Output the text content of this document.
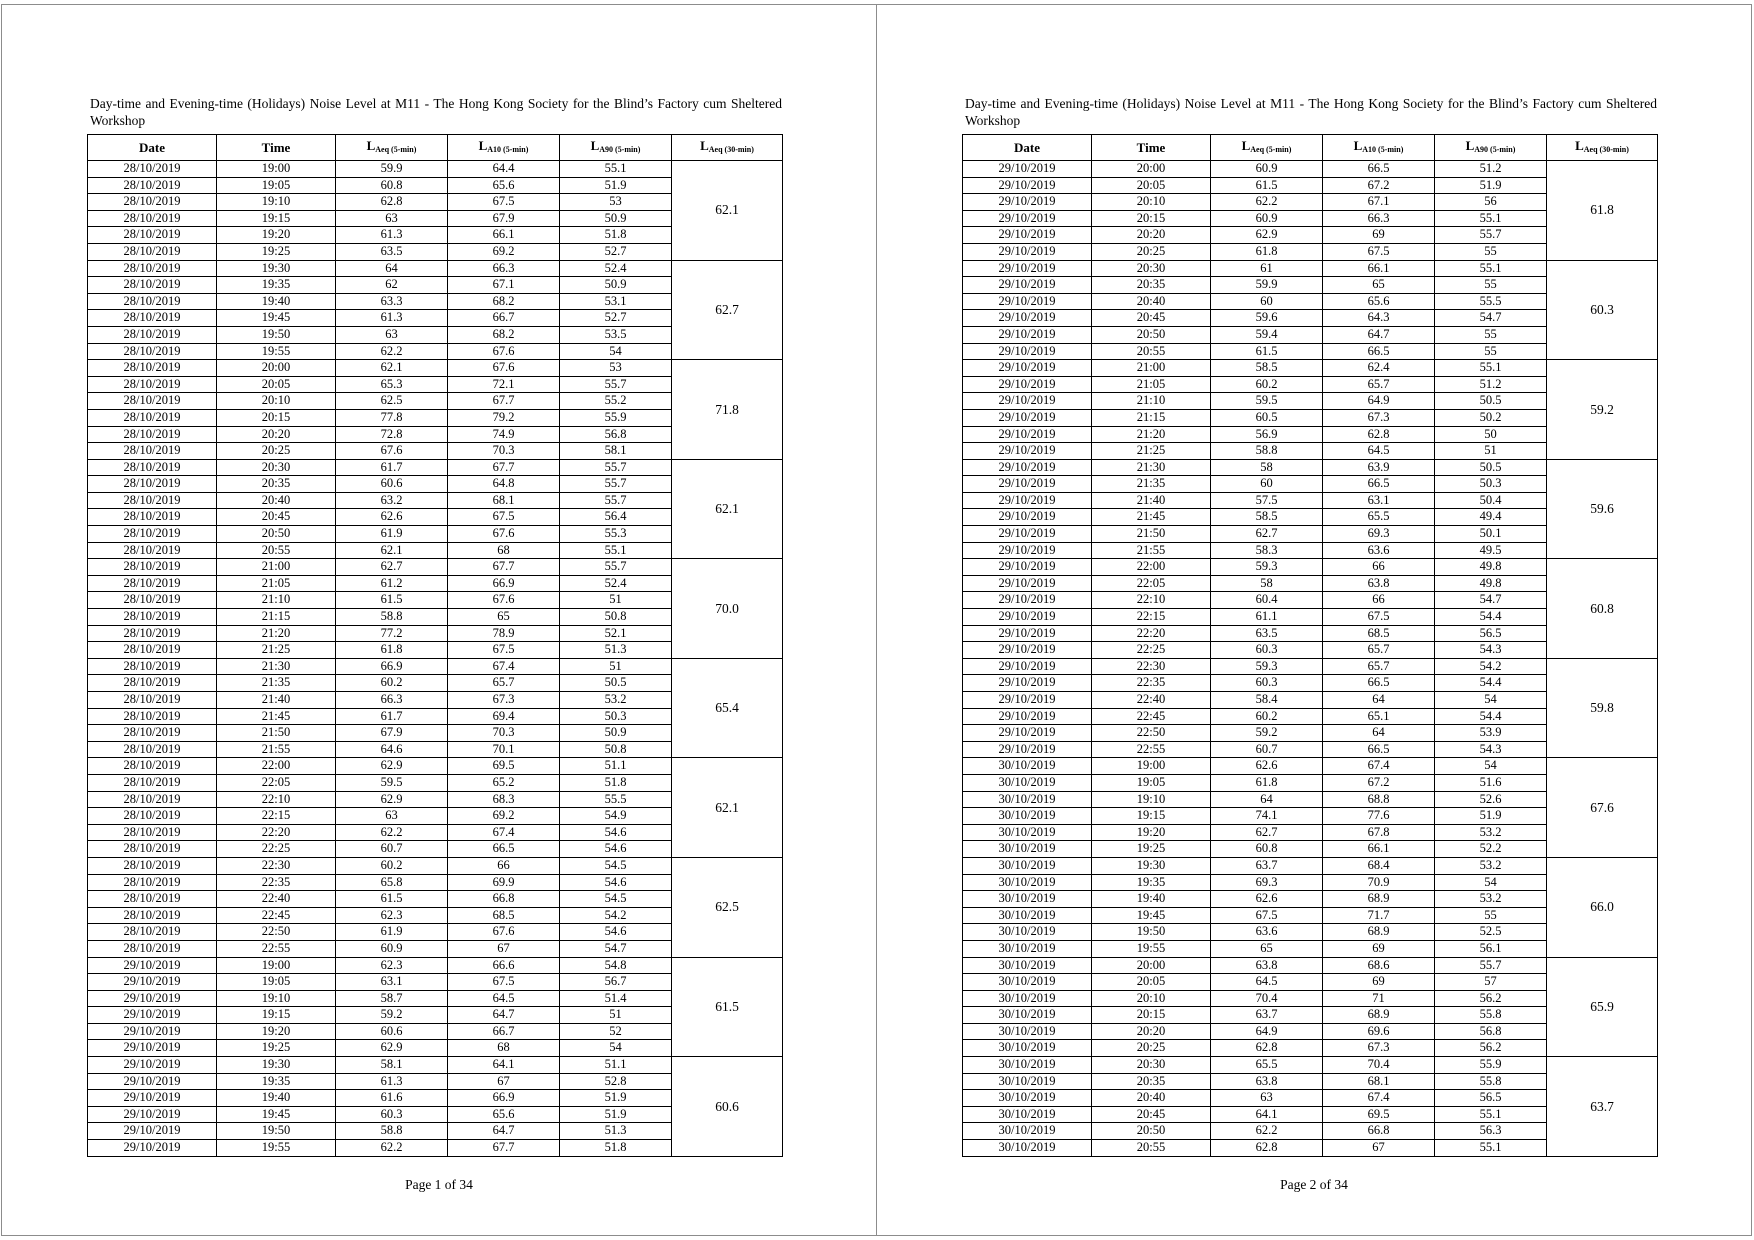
Day-time and Evening-time (Holidays) Noise Level at M11 - The Hong Kong Society for the Blind’s Factory cum Sheltered Workshop
Date	Time	$L_{Aeq (5-min)}$	$L_{A10 (5-min)}$	$L_{A90 (5-min)}$	$L_{Aeq (30-min)}$
28/10/2019	19:00	59.9	64.4	55.1	62.1
28/10/2019	19:05	60.8	65.6	51.9	
28/10/2019	19:10	62.8	67.5	53	
28/10/2019	19:15	63	67.9	50.9	
28/10/2019	19:20	61.3	66.1	51.8	
28/10/2019	19:25	63.5	69.2	52.7	
28/10/2019	19:30	64	66.3	52.4	62.7
28/10/2019	19:35	62	67.1	50.9	
28/10/2019	19:40	63.3	68.2	53.1	
28/10/2019	19:45	61.3	66.7	52.7	
28/10/2019	19:50	63	68.2	53.5	
28/10/2019	19:55	62.2	67.6	54	
28/10/2019	20:00	62.1	67.6	53	71.8
28/10/2019	20:05	65.3	72.1	55.7	
28/10/2019	20:10	62.5	67.7	55.2	
28/10/2019	20:15	77.8	79.2	55.9	
28/10/2019	20:20	72.8	74.9	56.8	
28/10/2019	20:25	67.6	70.3	58.1	
28/10/2019	20:30	61.7	67.7	55.7	62.1
28/10/2019	20:35	60.6	64.8	55.7	
28/10/2019	20:40	63.2	68.1	55.7	
28/10/2019	20:45	62.6	67.5	56.4	
28/10/2019	20:50	61.9	67.6	55.3	
28/10/2019	20:55	62.1	68	55.1	
28/10/2019	21:00	62.7	67.7	55.7	70.0
28/10/2019	21:05	61.2	66.9	52.4	
28/10/2019	21:10	61.5	67.6	51	
28/10/2019	21:15	58.8	65	50.8	
28/10/2019	21:20	77.2	78.9	52.1	
28/10/2019	21:25	61.8	67.5	51.3	
28/10/2019	21:30	66.9	67.4	51	65.4
28/10/2019	21:35	60.2	65.7	50.5	
28/10/2019	21:40	66.3	67.3	53.2	
28/10/2019	21:45	61.7	69.4	50.3	
28/10/2019	21:50	67.9	70.3	50.9	
28/10/2019	21:55	64.6	70.1	50.8	
28/10/2019	22:00	62.9	69.5	51.1	62.1
28/10/2019	22:05	59.5	65.2	51.8	
28/10/2019	22:10	62.9	68.3	55.5	
28/10/2019	22:15	63	69.2	54.9	
28/10/2019	22:20	62.2	67.4	54.6	
28/10/2019	22:25	60.7	66.5	54.6	
28/10/2019	22:30	60.2	66	54.5	62.5
28/10/2019	22:35	65.8	69.9	54.6	
28/10/2019	22:40	61.5	66.8	54.5	
28/10/2019	22:45	62.3	68.5	54.2	
28/10/2019	22:50	61.9	67.6	54.6	
28/10/2019	22:55	60.9	67	54.7	
29/10/2019	19:00	62.3	66.6	54.8	61.5
29/10/2019	19:05	63.1	67.5	56.7	
29/10/2019	19:10	58.7	64.5	51.4	
29/10/2019	19:15	59.2	64.7	51	
29/10/2019	19:20	60.6	66.7	52	
29/10/2019	19:25	62.9	68	54	
29/10/2019	19:30	58.1	64.1	51.1	60.6
29/10/2019	19:35	61.3	67	52.8	
29/10/2019	19:40	61.6	66.9	51.9	
29/10/2019	19:45	60.3	65.6	51.9	
29/10/2019	19:50	58.8	64.7	51.3	
29/10/2019	19:55	62.2	67.7	51.8	
Page 1 of 34
Day-time and Evening-time (Holidays) Noise Level at M11 - The Hong Kong Society for the Blind’s Factory cum Sheltered Workshop
Date	Time	$L_{Aeq (5-min)}$	$L_{A10 (5-min)}$	$L_{A90 (5-min)}$	$L_{Aeq (30-min)}$
29/10/2019	20:00	60.9	66.5	51.2	61.8
29/10/2019	20:05	61.5	67.2	51.9	
29/10/2019	20:10	62.2	67.1	56	
29/10/2019	20:15	60.9	66.3	55.1	
29/10/2019	20:20	62.9	69	55.7	
29/10/2019	20:25	61.8	67.5	55	
29/10/2019	20:30	61	66.1	55.1	60.3
29/10/2019	20:35	59.9	65	55	
29/10/2019	20:40	60	65.6	55.5	
29/10/2019	20:45	59.6	64.3	54.7	
29/10/2019	20:50	59.4	64.7	55	
29/10/2019	20:55	61.5	66.5	55	
29/10/2019	21:00	58.5	62.4	55.1	59.2
29/10/2019	21:05	60.2	65.7	51.2	
29/10/2019	21:10	59.5	64.9	50.5	
29/10/2019	21:15	60.5	67.3	50.2	
29/10/2019	21:20	56.9	62.8	50	
29/10/2019	21:25	58.8	64.5	51	
29/10/2019	21:30	58	63.9	50.5	59.6
29/10/2019	21:35	60	66.5	50.3	
29/10/2019	21:40	57.5	63.1	50.4	
29/10/2019	21:45	58.5	65.5	49.4	
29/10/2019	21:50	62.7	69.3	50.1	
29/10/2019	21:55	58.3	63.6	49.5	
29/10/2019	22:00	59.3	66	49.8	60.8
29/10/2019	22:05	58	63.8	49.8	
29/10/2019	22:10	60.4	66	54.7	
29/10/2019	22:15	61.1	67.5	54.4	
29/10/2019	22:20	63.5	68.5	56.5	
29/10/2019	22:25	60.3	65.7	54.3	
29/10/2019	22:30	59.3	65.7	54.2	59.8
29/10/2019	22:35	60.3	66.5	54.4	
29/10/2019	22:40	58.4	64	54	
29/10/2019	22:45	60.2	65.1	54.4	
29/10/2019	22:50	59.2	64	53.9	
29/10/2019	22:55	60.7	66.5	54.3	
30/10/2019	19:00	62.6	67.4	54	67.6
30/10/2019	19:05	61.8	67.2	51.6	
30/10/2019	19:10	64	68.8	52.6	
30/10/2019	19:15	74.1	77.6	51.9	
30/10/2019	19:20	62.7	67.8	53.2	
30/10/2019	19:25	60.8	66.1	52.2	
30/10/2019	19:30	63.7	68.4	53.2	66.0
30/10/2019	19:35	69.3	70.9	54	
30/10/2019	19:40	62.6	68.9	53.2	
30/10/2019	19:45	67.5	71.7	55	
30/10/2019	19:50	63.6	68.9	52.5	
30/10/2019	19:55	65	69	56.1	
30/10/2019	20:00	63.8	68.6	55.7	65.9
30/10/2019	20:05	64.5	69	57	
30/10/2019	20:10	70.4	71	56.2	
30/10/2019	20:15	63.7	68.9	55.8	
30/10/2019	20:20	64.9	69.6	56.8	
30/10/2019	20:25	62.8	67.3	56.2	
30/10/2019	20:30	65.5	70.4	55.9	63.7
30/10/2019	20:35	63.8	68.1	55.8	
30/10/2019	20:40	63	67.4	56.5	
30/10/2019	20:45	64.1	69.5	55.1	
30/10/2019	20:50	62.2	66.8	56.3	
30/10/2019	20:55	62.8	67	55.1	
Page 2 of 34
